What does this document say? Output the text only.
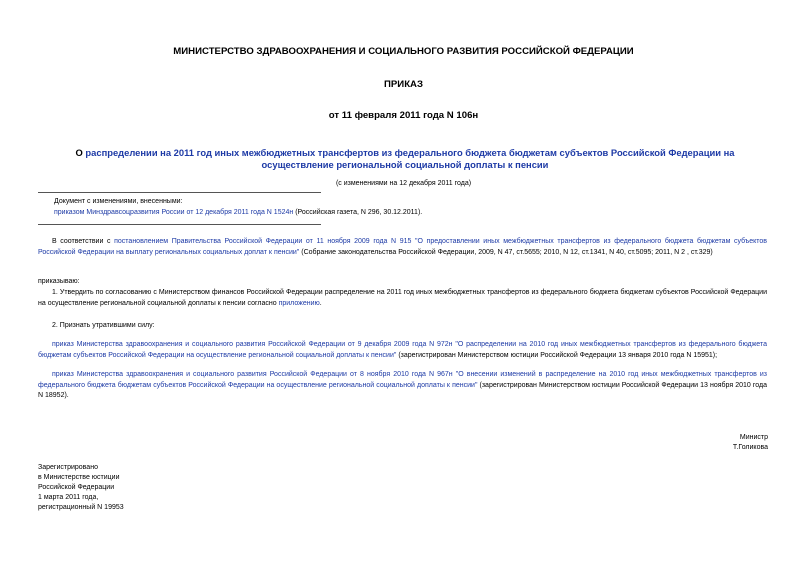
МИНИСТЕРСТВО ЗДРАВООХРАНЕНИЯ И СОЦИАЛЬНОГО РАЗВИТИЯ РОССИЙСКОЙ ФЕДЕРАЦИИ
ПРИКАЗ
от 11 февраля 2011 года N 106н
О распределении на 2011 год иных межбюджетных трансфертов из федерального бюджета бюджетам субъектов Российской Федерации на осуществление региональной социальной доплаты к пенсии
(с изменениями на 12 декабря 2011 года)
Документ с изменениями, внесенными:
приказом Минздравсоцразвития России от 12 декабря 2011 года N 1524н (Российская газета, N 296, 30.12.2011).
В соответствии с постановлением Правительства Российской Федерации от 11 ноября 2009 года N 915 "О предоставлении иных межбюджетных трансфертов из федерального бюджета бюджетам субъектов Российской Федерации на выплату региональных социальных доплат к пенсии" (Собрание законодательства Российской Федерации, 2009, N 47, ст.5655; 2010, N 12, ст.1341, N 40, ст.5095; 2011, N 2 , ст.329)
приказываю:
1. Утвердить по согласованию с Министерством финансов Российской Федерации распределение на 2011 год иных межбюджетных трансфертов из федерального бюджета бюджетам субъектов Российской Федерации на осуществление региональной социальной доплаты к пенсии согласно приложению.
2. Признать утратившими силу:
приказ Министерства здравоохранения и социального развития Российской Федерации от 9 декабря 2009 года N 972н "О распределении на 2010 год иных межбюджетных трансфертов из федерального бюджета бюджетам субъектов Российской Федерации на осуществление региональной социальной доплаты к пенсии" (зарегистрирован Министерством юстиции Российской Федерации 13 января 2010 года N 15951);
приказ Министерства здравоохранения и социального развития Российской Федерации от 8 ноября 2010 года N 967н "О внесении изменений в распределение на 2010 год иных межбюджетных трансфертов из федерального бюджета бюджетам субъектов Российской Федерации на осуществление региональной социальной доплаты к пенсии" (зарегистрирован Министерством юстиции Российской Федерации 13 ноября 2010 года N 18952).
Министр
Т.Голикова
Зарегистрировано
в Министерстве юстиции
Российской Федерации
1 марта 2011 года,
регистрационный N 19953
